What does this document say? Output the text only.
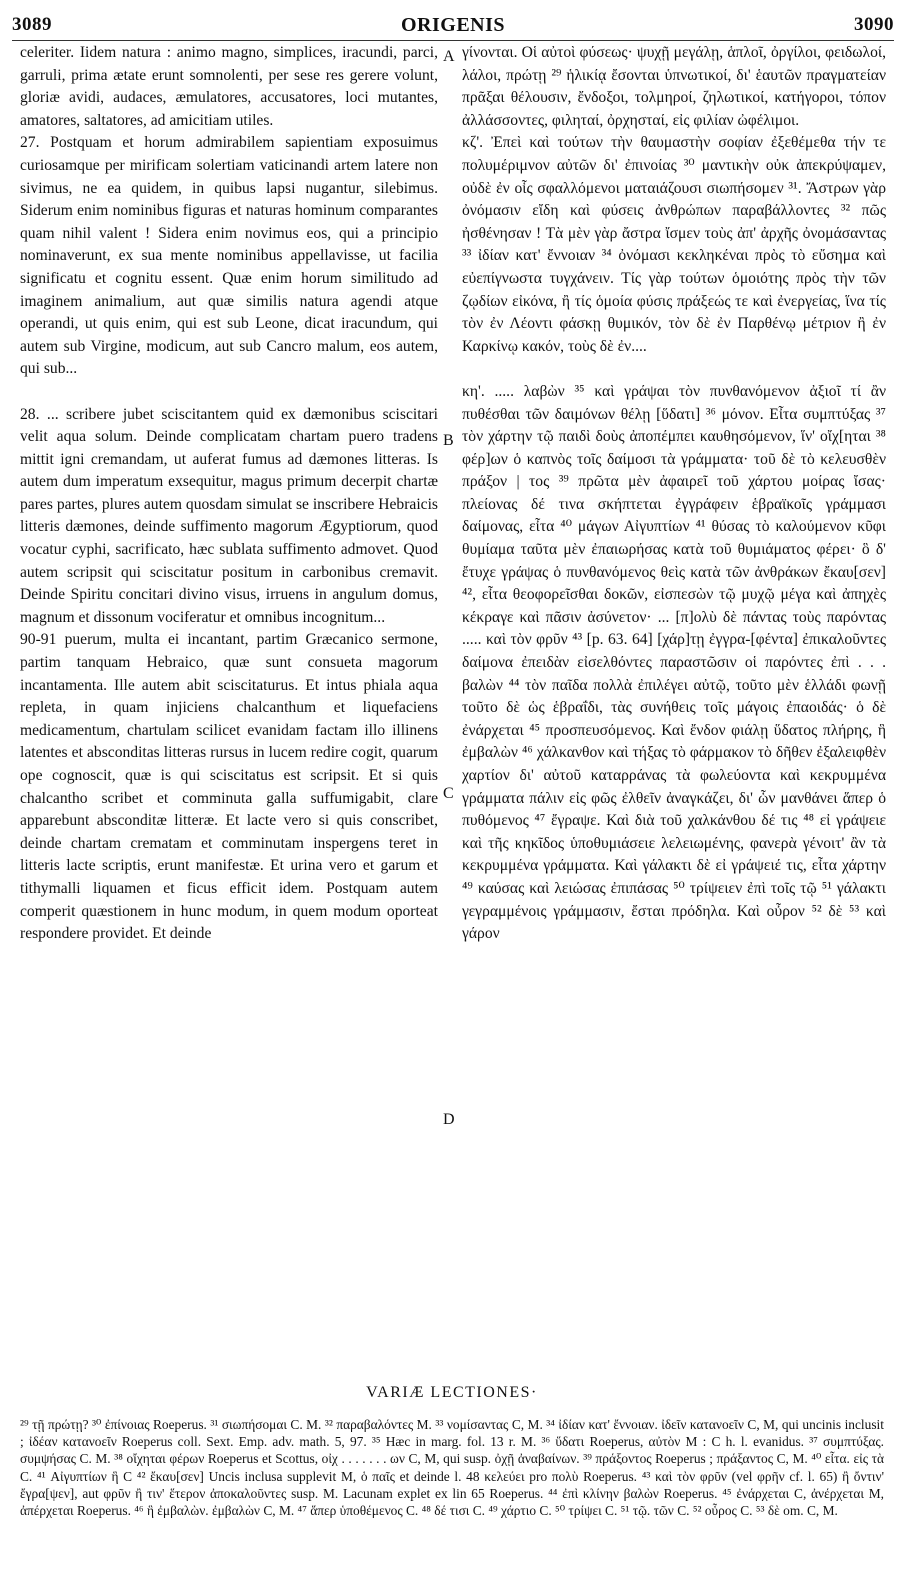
3089	ORIGENIS	3090

celeriter. Iidem natura : animo magno, simplices, iracundi, parci, garruli, prima ætate erunt somnolenti, per sese res gerere volunt, gloriæ avidi, audaces, æmulatores, accusatores, loci mutantes, amatores, saltatores, ad amicitiam utiles.

27. Postquam et horum admirabilem sapientiam exposuimus curiosamque per mirificam solertiam vaticinandi artem latere non sivimus, ne ea quidem, in quibus lapsi nugantur, silebimus. Siderum enim nominibus figuras et naturas hominum comparantes quam nihil valent ! Sidera enim novimus eos, qui a principio nominaverunt, ex sua mente nominibus appellavisse, ut facilia significatu et cognitu essent. Quæ enim horum similitudo ad imaginem animalium, aut quæ similis natura agendi atque operandi, ut quis enim, qui est sub Leone, dicat iracundum, qui autem sub Virgine, modicum, aut sub Cancro malum, eos autem, qui sub...

28. ... scribere jubet sciscitantem quid ex dæmonibus sciscitari velit aqua solum. Deinde complicatam chartam puero tradens mittit igni cremandam, ut auferat fumus ad dæmones litteras. Is autem dum imperatum exsequitur, magus primum decerpit chartæ pares partes, plures autem quosdam simulat se inscribere Hebraicis litteris dæmones, deinde suffimento magorum Ægyptiorum, quod vocatur cyphi, sacrificato, hæc sublata suffimento admovet. Quod autem scripsit qui sciscitatur positum in carbonibus cremavit. Deinde Spiritu concitari divino visus, irruens in angulum domus, magnum et dissonum vociferatur et omnibus incognitum...

90-91 puerum, multa ei incantant, partim Græcanico sermone, partim tanquam Hebraico, quæ sunt consueta magorum incantamenta. Ille autem abit sciscitaturus. Et intus phiala aqua repleta, in quam injiciens chalcanthum et liquefaciens medicamentum, chartulam scilicet evanidam factam illo illinens latentes et absconditas litteras rursus in lucem redire cogit, quarum ope cognoscit, quæ is qui sciscitatus est scripsit. Et si quis chalcantho scribet et comminuta galla suffumigabit, clare apparebunt absconditæ litteræ. Et lacte vero si quis conscribet, deinde chartam crematam et comminutam inspergens teret in litteris lacte scriptis, erunt manifestæ. Et urina vero et garum et tithymalli liquamen et ficus efficit idem. Postquam autem comperit quæstionem in hunc modum, in quem modum oporteat respondere providet. Et deinde

A
B
C
D

γίνονται. Οἱ αὐτοὶ φύσεως· ψυχῇ μεγάλῃ, ἁπλοῖ, ὀργίλοι, φειδωλοί, λάλοι, πρώτῃ ²⁹ ἡλικίᾳ ἔσονται ὑπνωτικοί, δι' ἑαυτῶν πραγματείαν πρᾶξαι θέλουσιν, ἔνδοξοι, τολμηροί, ζηλωτικοί, κατήγοροι, τόπον ἀλλάσσοντες, φιληταί, ὀρχησταί, εἰς φιλίαν ὠφέλιμοι.

κζ'. Ἐπεὶ καὶ τούτων τὴν θαυμαστὴν σοφίαν ἐξεθέμεθα τήν τε πολυμέριμνον αὐτῶν δι' ἐπινοίας ³⁰ μαντικὴν οὐκ ἀπεκρύψαμεν, οὐδὲ ἐν οἷς σφαλλόμενοι ματαιάζουσι σιωπήσομεν ³¹. Ἄστρων γὰρ ὀνόμασιν εἴδη καὶ φύσεις ἀνθρώπων παραβάλλοντες ³² πῶς ἠσθένησαν ! Τὰ μὲν γὰρ ἄστρα ἴσμεν τοὺς ἀπ' ἀρχῆς ὀνομάσαντας ³³ ἰδίαν κατ' ἔννοιαν ³⁴ ὀνόμασι κεκληκέναι πρὸς τὸ εὔσημα καὶ εὐεπίγνωστα τυγχάνειν. Τίς γὰρ τούτων ὁμοιότης πρὸς τὴν τῶν ζῳδίων εἰκόνα, ἢ τίς ὁμοία φύσις πράξεώς τε καὶ ἐνεργείας, ἵνα τίς τὸν ἐν Λέοντι φάσκῃ θυμικόν, τὸν δὲ ἐν Παρθένῳ μέτριον ἢ ἐν Καρκίνῳ κακόν, τοὺς δὲ ἐν....

κη'. ..... λαβὼν ³⁵ καὶ γράψαι τὸν πυνθανόμενον ἀξιοῖ τί ἂν πυθέσθαι τῶν δαιμόνων θέλῃ [ὕδατι] ³⁶ μόνον. Εἶτα συμπτύξας ³⁷ τὸν χάρτην τῷ παιδὶ δοὺς ἀποπέμπει καυθησόμενον, ἵν' οἴχ[ηται ³⁸ φέρ]ων ὁ καπνὸς τοῖς δαίμοσι τὰ γράμματα· τοῦ δὲ τὸ κελευσθὲν πράξον | τος ³⁹ πρῶτα μὲν ἀφαιρεῖ τοῦ χάρτου μοίρας ἴσας· πλείονας δέ τινα σκήπτεται ἐγγράφειν ἑβραϊκοῖς γράμμασι δαίμονας, εἶτα ⁴⁰ μάγων Αἰγυπτίων ⁴¹ θύσας τὸ καλούμενον κῦφι θυμίαμα ταῦτα μὲν ἐπαιωρήσας κατὰ τοῦ θυμιάματος φέρει· ὃ δ' ἔτυχε γράψας ὁ πυνθανόμενος θεὶς κατὰ τῶν ἀνθράκων ἔκαυ[σεν] ⁴², εἶτα θεοφορεῖσθαι δοκῶν, εἰσπεσὼν τῷ μυχῷ μέγα καὶ ἀπηχὲς κέκραγε καὶ πᾶσιν ἀσύνετον· ... [π]ολὺ δὲ πάντας τοὺς παρόντας ..... καὶ τὸν φρῦν ⁴³ [p. 63. 64] [χάρ]τῃ ἐγγρα-[φέντα] ἐπικαλοῦντες δαίμονα ἐπειδὰν εἰσελθόντες παραστῶσιν οἱ παρόντες ἐπὶ . . . βαλὼν ⁴⁴ τὸν παῖδα πολλὰ ἐπιλέγει αὐτῷ, τοῦτο μὲν ἑλλάδι φωνῇ τοῦτο δὲ ὡς ἑβραΐδι, τὰς συνήθεις τοῖς μάγοις ἐπαοιδάς· ὁ δὲ ἐνάρχεται ⁴⁵ προσπευσόμενος. Καὶ ἔνδον φιάλῃ ὕδατος πλήρης, ἣ ἐμβαλὼν ⁴⁶ χάλκανθον καὶ τήξας τὸ φάρμακον τὸ δῆθεν ἐξαλειφθὲν χαρτίον δι' αὐτοῦ καταρράνας τὰ φωλεύοντα καὶ κεκρυμμένα γράμματα πάλιν εἰς φῶς ἐλθεῖν ἀναγκάζει, δι' ὧν μανθάνει ἅπερ ὁ πυθόμενος ⁴⁷ ἔγραψε. Καὶ διὰ τοῦ χαλκάνθου δέ τις ⁴⁸ εἰ γράψειε καὶ τῆς κηκῖδος ὑποθυμιάσειε λελειωμένης, φανερὰ γένοιτ' ἂν τὰ κεκρυμμένα γράμματα. Καὶ γάλακτι δὲ εἰ γράψειέ τις, εἶτα χάρτην ⁴⁹ καύσας καὶ λειώσας ἐπιπάσας ⁵⁰ τρίψειεν ἐπὶ τοῖς τῷ ⁵¹ γάλακτι γεγραμμένοις γράμμασιν, ἔσται πρόδηλα. Καὶ οὖρον ⁵² δὲ ⁵³ καὶ γάρον

VARIÆ LECTIONES·

²⁹ τῇ πρώτῃ? ³⁰ ἐπίνοιας Roeperus. ³¹ σιωπήσομαι C. M. ³² παραβαλόντες M. ³³ νομίσαντας C, M. ³⁴ ἰδίαν κατ' ἔννοιαν. ἰδεῖν κατανοεῖν C, M, qui uncinis inclusit ; ἰδέαν κατανοεῖν Roeperus coll. Sext. Emp. adv. math. 5, 97. ³⁵ Hæc in marg. fol. 13 r. M. ³⁶ ὕδατι Roeperus, αὐτὸν M : C h. l. evanidus. ³⁷ συμπτύξας. συμψήσας C. M. ³⁸ οἴχηται φέρων Roeperus et Scottus, οἰχ . . . . . . . ων C, M, qui susp. ὀχῇ ἀναβαίνων. ³⁹ πράξοντος Roeperus ; πράξαντος C, M. ⁴⁰ εἶτα. εἰς τὰ C. ⁴¹ Αἰγυπτίων ἣ C ⁴² ἔκαυ[σεν] Uncis inclusa supplevit M, ὁ παῖς et deinde l. 48 κελεύει pro πολὺ Roeperus. ⁴³ καὶ τὸν φρῦν (vel φρῆν cf. l. 65) ἢ ὄντιν' ἔγρα[ψεν], aut φρῦν ἢ τιν' ἕτερον ἀποκαλοῦντες susp. M. Lacunam explet ex lin 65 Roeperus. ⁴⁴ ἐπὶ κλίνην βαλὼν Roeperus. ⁴⁵ ἐνάρχεται C, ἀνέρχεται M, ἀπέρχεται Roeperus. ⁴⁶ ἣ ἐμβαλὼν. ἐμβαλὼν C, M. ⁴⁷ ἅπερ ὑποθέμενος C. ⁴⁸ δέ τισι C. ⁴⁹ χάρτιο C. ⁵⁰ τρίψει C. ⁵¹ τῷ. τῶν C. ⁵² οὖρος C. ⁵³ δὲ om. C, M.
